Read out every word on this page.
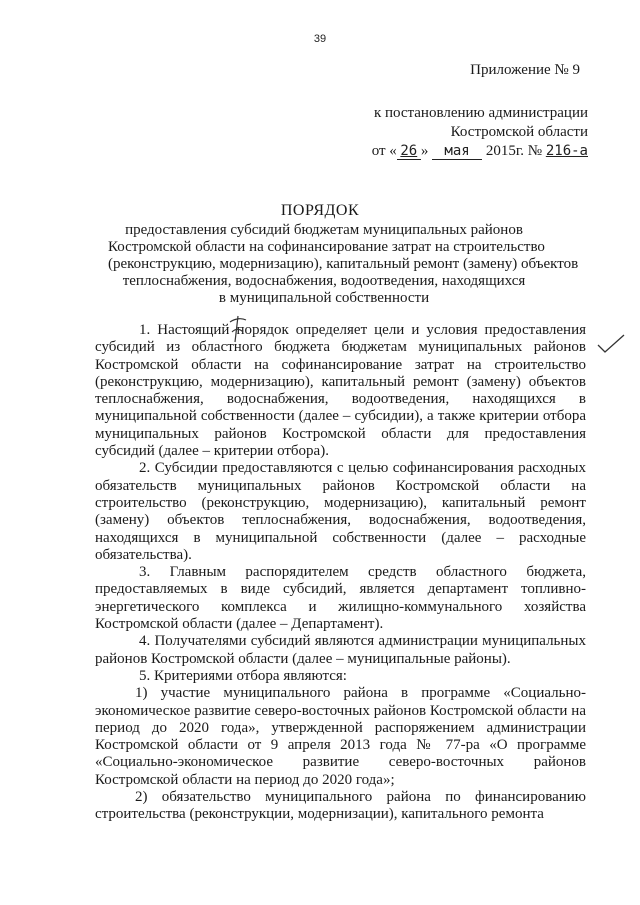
39
Приложение № 9
к постановлению администрации
Костромской области
от « 26 » мая 2015г. № 216-а
ПОРЯДОК
предоставления субсидий бюджетам муниципальных районов
Костромской области на софинансирование затрат на строительство
(реконструкцию, модернизацию), капитальный ремонт (замену) объектов
теплоснабжения, водоснабжения, водоотведения, находящихся
в муниципальной собственности

1. Настоящий порядок определяет цели и условия предоставления субсидий из областного бюджета бюджетам муниципальных районов Костромской области на софинансирование затрат на строительство (реконструкцию, модернизацию), капитальный ремонт (замену) объектов теплоснабжения, водоснабжения, водоотведения, находящихся в муниципальной собственности (далее – субсидии), а также критерии отбора муниципальных районов Костромской области для предоставления субсидий (далее – критерии отбора).

2. Субсидии предоставляются с целью софинансирования расходных обязательств муниципальных районов Костромской области на строительство (реконструкцию, модернизацию), капитальный ремонт (замену) объектов теплоснабжения, водоснабжения, водоотведения, находящихся в муниципальной собственности (далее – расходные обязательства).

3. Главным распорядителем средств областного бюджета, предоставляемых в виде субсидий, является департамент топливно-энергетического комплекса и жилищно-коммунального хозяйства Костромской области (далее – Департамент).

4. Получателями субсидий являются администрации муниципальных районов Костромской области (далее – муниципальные районы).

5. Критериями отбора являются:

1) участие муниципального района в программе «Социально-экономическое развитие северо-восточных районов Костромской области на период до 2020 года», утвержденной распоряжением администрации Костромской области от 9 апреля 2013 года № 77-ра «О программе «Социально-экономическое развитие северо-восточных районов Костромской области на период до 2020 года»;

2) обязательство муниципального района по финансированию строительства (реконструкции, модернизации), капитального ремонта
